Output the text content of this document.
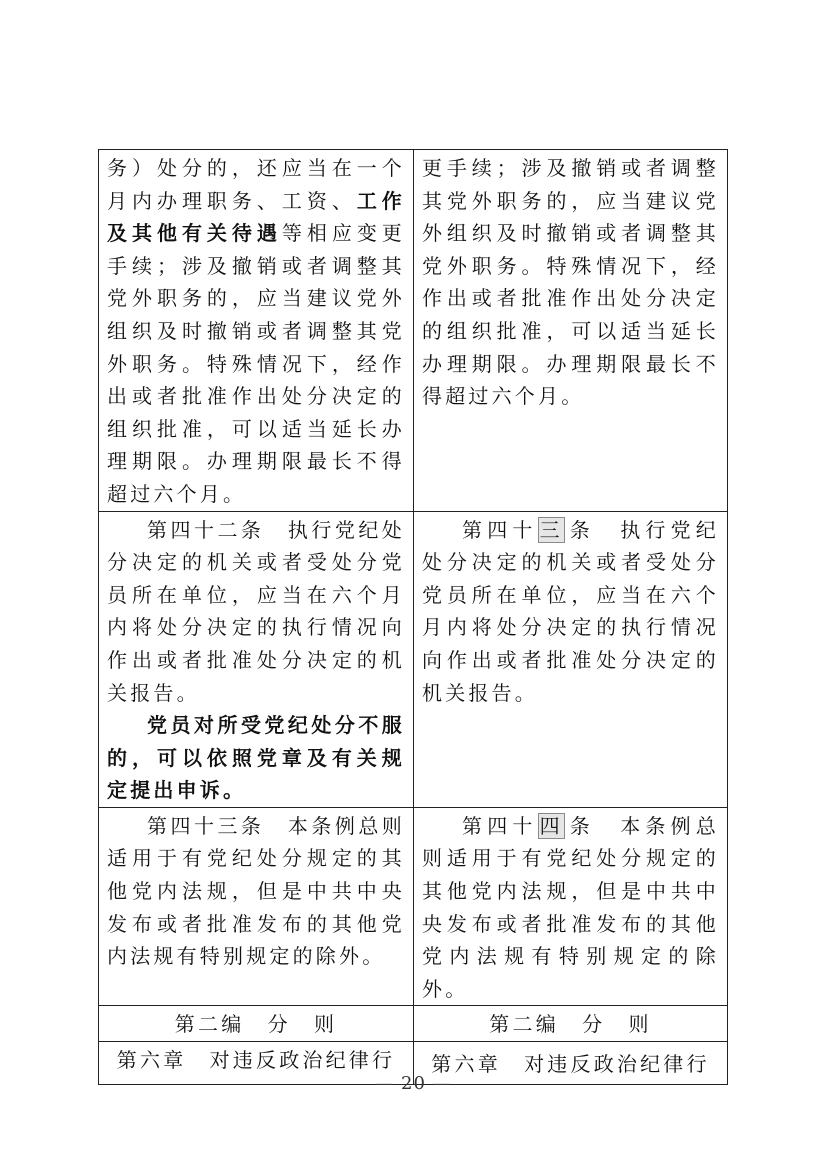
务）处分的，还应当在一个月内办理职务、工资、工作及其他有关待遇等相应变更手续；涉及撤销或者调整其党外职务的，应当建议党外组织及时撤销或者调整其党外职务。特殊情况下，经作出或者批准作出处分决定的组织批准，可以适当延长办理期限。办理期限最长不得超过六个月。	更手续；涉及撤销或者调整其党外职务的，应当建议党外组织及时撤销或者调整其党外职务。特殊情况下，经作出或者批准作出处分决定的组织批准，可以适当延长办理期限。办理期限最长不得超过六个月。

第四十二条　执行党纪处分决定的机关或者受处分党员所在单位，应当在六个月内将处分决定的执行情况向作出或者批准处分决定的机关报告。

党员对所受党纪处分不服的，可以依照党章及有关规定提出申诉。	第四十 三 条　执行党纪处分决定的机关或者受处分党员所在单位，应当在六个月内将处分决定的执行情况向作出或者批准处分决定的机关报告。

第四十三条　本条例总则适用于有党纪处分规定的其他党内法规，但是中共中央发布或者批准发布的其他党内法规有特别规定的除外。	第四十 四 条　本条例总则适用于有党纪处分规定的其他党内法规，但是中共中央发布或者批准发布的其他党内法规有特别规定的除外。

第二编　分　则	第二编　分　则

第六章　对违反政治纪律行	第六章　对违反政治纪律行

— 20 —
